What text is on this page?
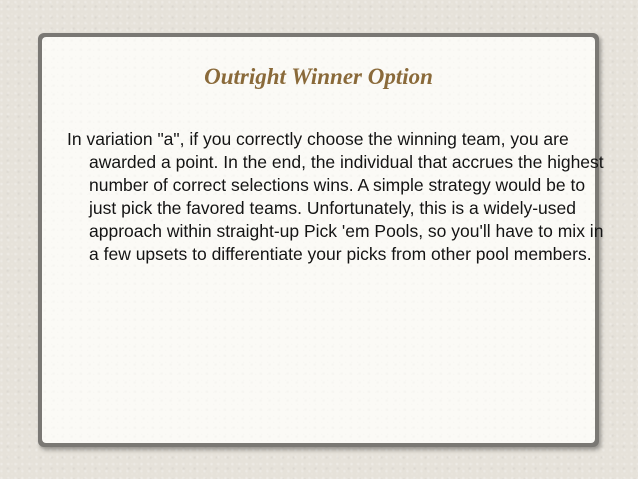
Outright Winner Option

In variation "a", if you correctly choose the winning team, you are awarded a point. In the end, the individual that accrues the highest number of correct selections wins. A simple strategy would be to just pick the favored teams. Unfortunately, this is a widely-used approach within straight-up Pick 'em Pools, so you'll have to mix in a few upsets to differentiate your picks from other pool members.
